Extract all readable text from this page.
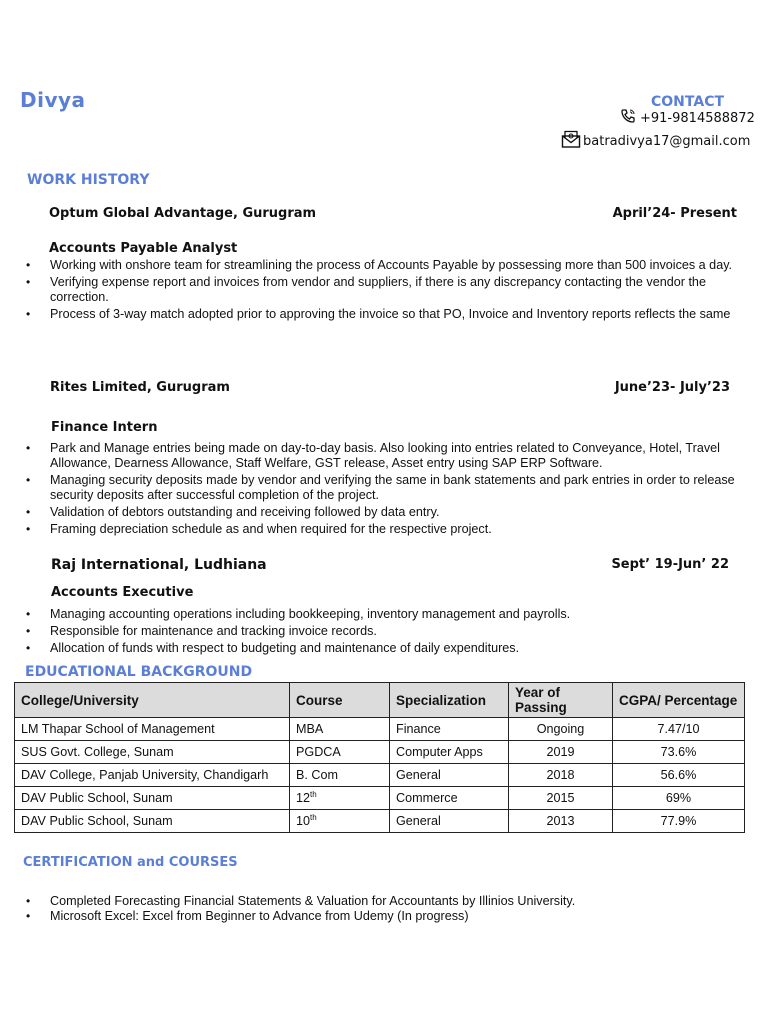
Divya	CONTACT
+91-9814588872
batradivya17@gmail.com
WORK HISTORY
Optum Global Advantage, Gurugram	April’24- Present
Accounts Payable Analyst
• Working with onshore team for streamlining the process of Accounts Payable by possessing more than 500 invoices a day.
• Verifying expense report and invoices from vendor and suppliers, if there is any discrepancy contacting the vendor the correction.
• Process of 3-way match adopted prior to approving the invoice so that PO, Invoice and Inventory reports reflects the same
Rites Limited, Gurugram	June’23- July’23
Finance Intern
• Park and Manage entries being made on day-to-day basis. Also looking into entries related to Conveyance, Hotel, Travel Allowance, Dearness Allowance, Staff Welfare, GST release, Asset entry using SAP ERP Software.
• Managing security deposits made by vendor and verifying the same in bank statements and park entries in order to release security deposits after successful completion of the project.
• Validation of debtors outstanding and receiving followed by data entry.
• Framing depreciation schedule as and when required for the respective project.
Raj International, Ludhiana	Sept’ 19-Jun’ 22
Accounts Executive
• Managing accounting operations including bookkeeping, inventory management and payrolls.
• Responsible for maintenance and tracking invoice records.
• Allocation of funds with respect to budgeting and maintenance of daily expenditures.
EDUCATIONAL BACKGROUND
College/University	Course	Specialization	Year of Passing	CGPA/ Percentage
LM Thapar School of Management	MBA	Finance	Ongoing	7.47/10
SUS Govt. College, Sunam	PGDCA	Computer Apps	2019	73.6%
DAV College, Panjab University, Chandigarh	B. Com	General	2018	56.6%
DAV Public School, Sunam	12th	Commerce	2015	69%
DAV Public School, Sunam	10th	General	2013	77.9%
CERTIFICATION and COURSES
• Completed Forecasting Financial Statements & Valuation for Accountants by Illinios University.
• Microsoft Excel: Excel from Beginner to Advance from Udemy (In progress)
